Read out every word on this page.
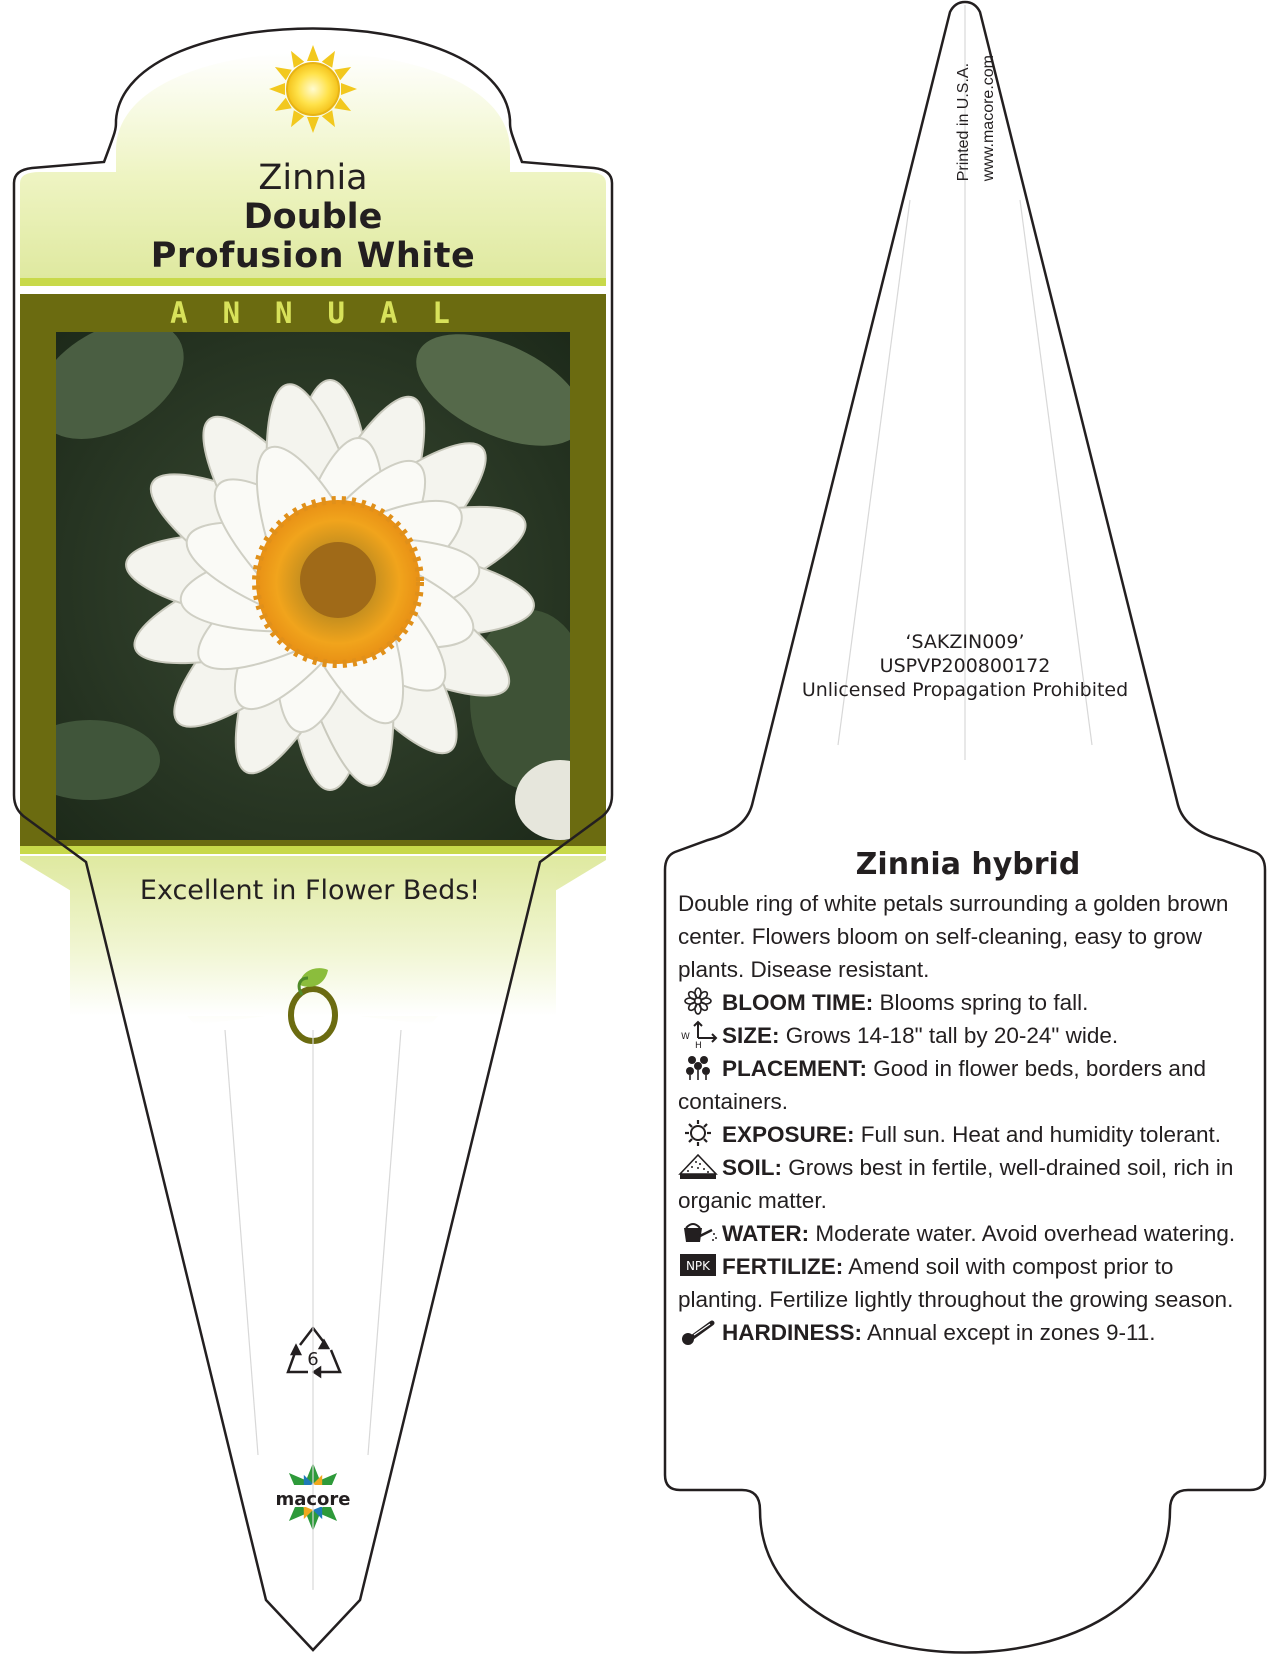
Zinnia
Double
Profusion White
ANNUAL
Excellent in Flower Beds!
6
macore
Printed in U.S.A. www.macore.com
‘SAKZIN009’
USPVP200800172
Unlicensed Propagation Prohibited
Zinnia hybrid

Double ring of white petals surrounding a golden brown center. Flowers bloom on self-cleaning, easy to grow plants. Disease resistant.

BLOOM TIME: Blooms spring to fall.

W
H SIZE: Grows 14-18" tall by 20-24" wide.

PLACEMENT: Good in flower beds, borders and containers.

EXPOSURE: Full sun. Heat and humidity tolerant.

SOIL: Grows best in fertile, well-drained soil, rich in organic matter.

WATER: Moderate water. Avoid overhead watering.

NPK FERTILIZE: Amend soil with compost prior to planting. Fertilize lightly throughout the growing season.

HARDINESS: Annual except in zones 9-11.
